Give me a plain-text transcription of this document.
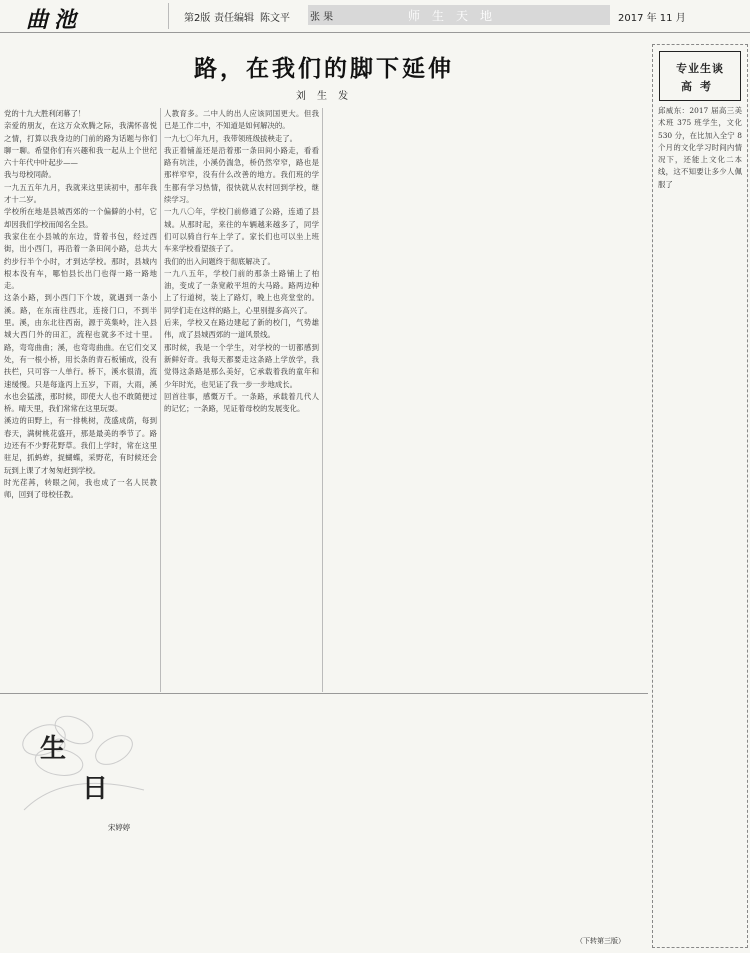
曲池	第2版 责任编辑 陈文平 张 果	师生天地	2017 年 11 月
路，在我们的脚下延伸
刘 生 发
党的十九大胜利闭幕了！
亲爱的朋友，在这万众欢腾之际，我满怀喜悦之情，打算以我身边的门前的路为话题与你们聊一聊。希望你们有兴趣和我一起从上个世纪六十年代中叶起步——
我与母校同龄。
一九五五年九月，我就来这里读初中，那年我才十二岁。
学校所在地是县城西郊的一个偏僻的小村，它却因我们学校而闻名全县。
我家住在小县城的东边，背着书包，经过西街，出小西门，再沿着一条田间小路，总共大约步行半个小时，才到达学校。那时，县城内根本没有车，哪怕县长出门也得一路一路地走。
这条小路，到小西门下个坡，就遇到一条小溪。路，在东南往西北，连接门口，不到半里。溪，由东北往西南，源于英集岭，注入县城大西门外的田汇，流程也就多不过十里。路，弯弯曲曲；溪，也弯弯曲曲。在它们交叉处，有一根小桥，用长条的青石板铺成，没有扶栏，只可容一人单行。桥下，溪水很清，流速缓慢。只是每逢丙上五岁，下雨，大雨，溪水也会猛涨，那时候，即使大人也不敢随便过桥。晴天里，我们常常在这里玩耍。
溪边的田野上，有一排桃树，茂盛成荫，每到春天，满树桃花盛开，那是最美的季节了。路边还有不少野花野草。我们上学时，常在这里驻足，抓蚂蚱，捉蝴蝶，采野花，有时候还会玩到上课了才匆匆赶到学校。
时光荏苒，转眼之间，我也成了一名人民教师，回到了母校任教。
人教育多。二中人的出人应该同国更大。但我已是工作二中，不知道是如何解决的。
一九七〇年九月，我带领班级拔秧走了。
我正着铺盖还是沿着那一条田间小路走，看看路有坑洼，小溪仍湍急，桥仍然窄窄，路也是那样窄窄，没有什么改善的地方。我们班的学生都有学习热情，很快就从农村回到学校，继续学习。
一九八〇年，学校门前修通了公路，连通了县城。从那时起，来往的车辆越来越多了，同学们可以骑自行车上学了。家长们也可以坐上班车来学校看望孩子了。
我们的出入问题终于彻底解决了。
一九八五年，学校门前的那条土路铺上了柏油，变成了一条宽敞平坦的大马路。路两边种上了行道树，装上了路灯，晚上也亮堂堂的。同学们走在这样的路上，心里别提多高兴了。
后来，学校又在路边建起了新的校门，气势雄伟，成了县城西郊的一道风景线。
那时候，我是一个学生，对学校的一切都感到新鲜好奇。我每天都要走这条路上学放学，我觉得这条路是那么美好，它承载着我的童年和少年时光，也见证了我一步一步地成长。
回首往事，感慨万千。一条路，承载着几代人的记忆；一条路，见证着母校的发展变化。
专业生谈
高考
邱威东：2017 届高三美术班 375 班学生，文化 530 分，在比加入全宁 8 个月的文化学习时间内情况下，还能上文化二本线，这不知要让多少人佩服了
生
日
宋婷婷
（下转第三版）
